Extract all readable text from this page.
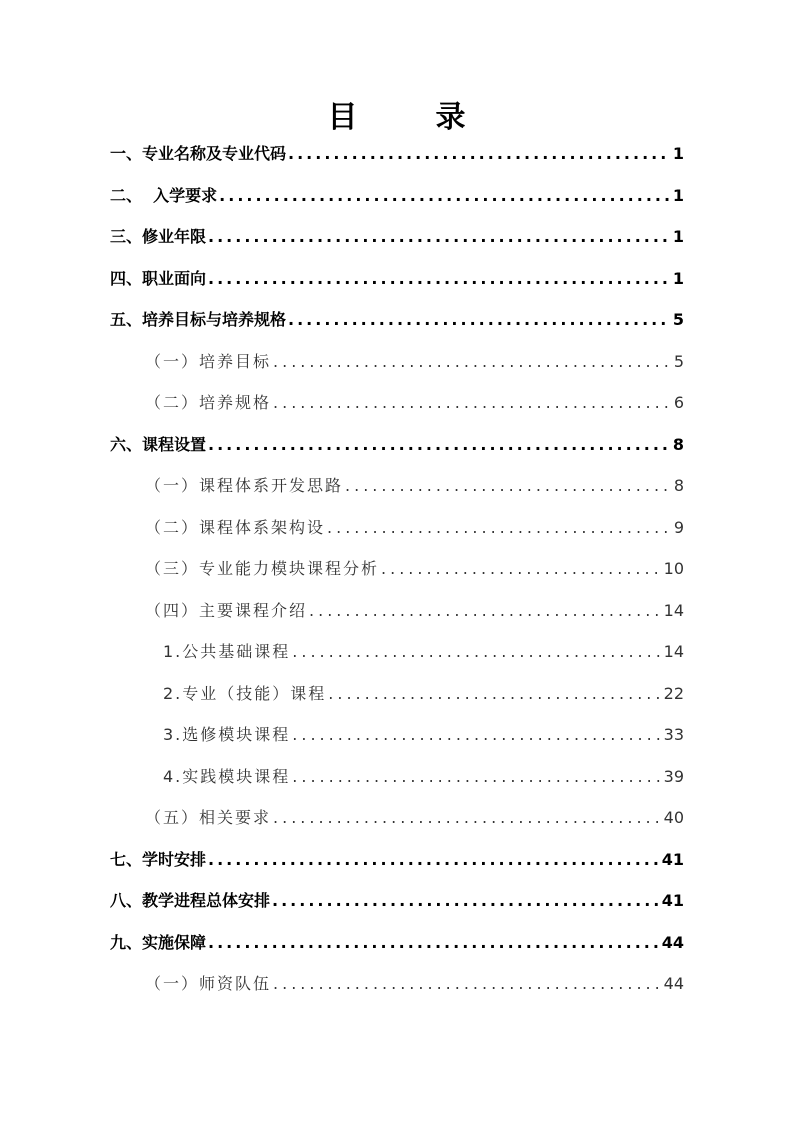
目	录
一、专业名称及专业代码 .....	1
二、  入学要求 .....	1
三、修业年限 .....	1
四、职业面向 .....	1
五、培养目标与培养规格 .....	5
（一）培养目标 .....	5
（二）培养规格 .....	6
六、课程设置 .....	8
（一）课程体系开发思路 .....	8
（二）课程体系架构设 .....	9
（三）专业能力模块课程分析 .....	10
（四）主要课程介绍 .....	14
1.公共基础课程 .....	14
2.专业（技能）课程 .....	22
3.选修模块课程 .....	33
4.实践模块课程 .....	39
（五）相关要求 .....	40
七、学时安排 .....	41
八、教学进程总体安排 .....	41
九、实施保障 .....	44
（一）师资队伍 .....	44
